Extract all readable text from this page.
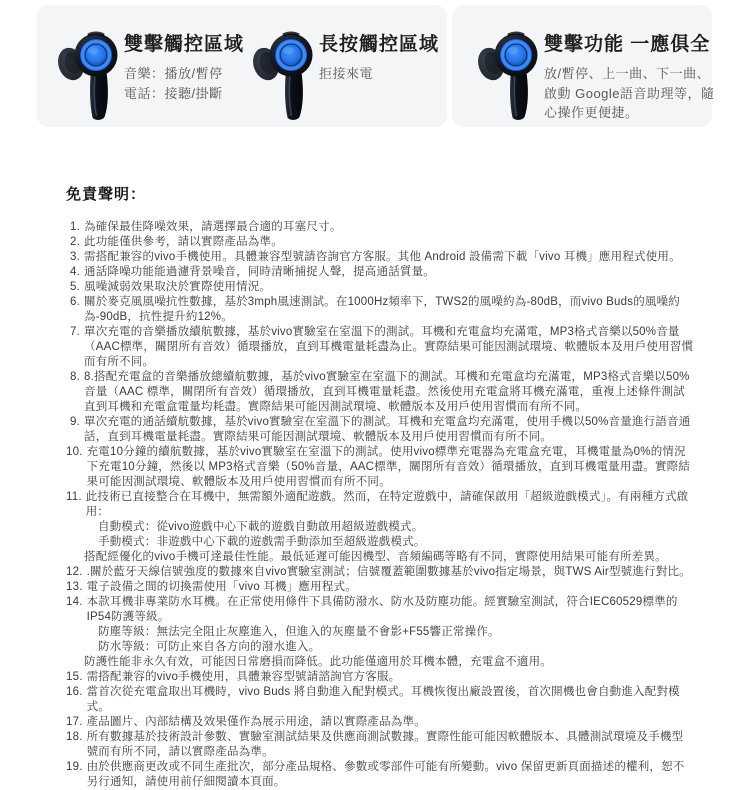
雙擊觸控區域
音樂：播放/暫停
電話：接聽/掛斷
長按觸控區域
拒接來電
雙擊功能 一應俱全
放/暫停、上一曲、下一曲、
啟動 Google語音助理等，隨
心操作更便捷。
免責聲明：
1. 為確保最佳降噪效果，請選擇最合適的耳塞尺寸。
2. 此功能僅供參考，請以實際產品為準。
3. 需搭配兼容的vivo手機使用。具體兼容型號請咨詢官方客服。其他 Android 設備需下載「vivo 耳機」應用程式使用。
4. 通話降噪功能能過濾背景噪音，同時清晰捕捉人聲，提高通話質量。
5. 風噪減弱效果取決於實際使用情況。
6. 關於麥克風風噪抗性數據，基於3mph風速測試。在1000Hz頻率下，TWS2的風噪約為-80dB，而vivo Buds的風噪約為-90dB，抗性提升約12%。
7. 單次充電的音樂播放續航數據，基於vivo實驗室在室溫下的測試。耳機和充電盒均充滿電，MP3格式音樂以50%音量（AAC標準，關閉所有音效）循環播放，直到耳機電量耗盡為止。實際結果可能因測試環境、軟體版本及用戶使用習慣而有所不同。
8. 8.搭配充電盒的音樂播放總續航數據，基於vivo實驗室在室溫下的測試。耳機和充電盒均充滿電，MP3格式音樂以50%音量（AAC 標準，關閉所有音效）循環播放，直到耳機電量耗盡。然後使用充電盒將耳機充滿電，重複上述條件測試直到耳機和充電盒電量均耗盡。實際結果可能因測試環境、軟體版本及用戶使用習慣而有所不同。
9. 單次充電的通話續航數據，基於vivo實驗室在室溫下的測試。耳機和充電盒均充滿電，使用手機以50%音量進行語音通話，直到耳機電量耗盡。實際結果可能因測試環境、軟體版本及用戶使用習慣而有所不同。
10. 充電10分鐘的續航數據，基於vivo實驗室在室溫下的測試。使用vivo標準充電器為充電盒充電，耳機電量為0%的情況下充電10分鐘，然後以 MP3格式音樂（50%音量，AAC標準，關閉所有音效）循環播放，直到耳機電量用盡。實際結果可能因測試環境、軟體版本及用戶使用習慣而有所不同。
11. 此技術已直接整合在耳機中，無需額外適配遊戲。然而，在特定遊戲中，請確保啟用「超級遊戲模式」。有兩種方式啟用：
自動模式：從vivo遊戲中心下載的遊戲自動啟用超級遊戲模式。
手動模式：非遊戲中心下載的遊戲需手動添加至超級遊戲模式。
搭配經優化的vivo手機可達最佳性能。最低延遲可能因機型、音頻編碼等略有不同，實際使用結果可能有所差異。
12. .關於藍牙天線信號強度的數據來自vivo實驗室測試；信號覆蓋範圍數據基於vivo指定場景，與TWS Air型號進行對比。
13. 電子設備之間的切換需使用「vivo 耳機」應用程式。
14. 本款耳機非專業防水耳機。在正常使用條件下具備防潑水、防水及防塵功能。經實驗室測試，符合IEC60529標準的IP54防護等級。
防塵等級：無法完全阻止灰塵進入，但進入的灰塵量不會影+F55響正常操作。
防水等級：可防止來自各方向的潑水進入。
防護性能非永久有效，可能因日常磨損而降低。此功能僅適用於耳機本體，充電盒不適用。
15. 需搭配兼容的vivo手機使用，具體兼容型號請諮詢官方客服。
16. 當首次從充電盒取出耳機時，vivo Buds 將自動進入配對模式。耳機恢復出廠設置後，首次開機也會自動進入配對模式。
17. 產品圖片、內部結構及效果僅作為展示用途，請以實際產品為準。
18. 所有數據基於技術設計參數、實驗室測試結果及供應商測試數據。實際性能可能因軟體版本、具體測試環境及手機型號而有所不同，請以實際產品為準。
19. 由於供應商更改或不同生產批次，部分產品規格、參數或零部件可能有所變動。vivo 保留更新頁面描述的權利，恕不另行通知，請使用前仔細閱讀本頁面。
